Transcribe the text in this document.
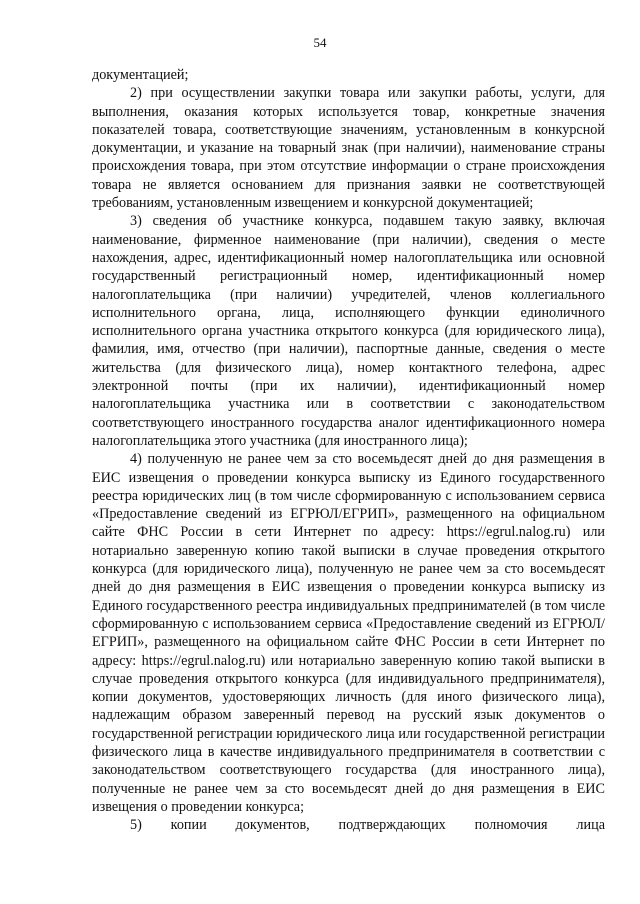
54

документацией;

2) при осуществлении закупки товара или закупки работы, услуги, для выполнения, оказания которых используется товар, конкретные значения показателей товара, соответствующие значениям, установленным в конкурсной документации, и указание на товарный знак (при наличии), наименование страны происхождения товара, при этом отсутствие информации о стране происхождения товара не является основанием для признания заявки не соответствующей требованиям, установленным извещением и конкурсной документацией;

3) сведения об участнике конкурса, подавшем такую заявку, включая наименование, фирменное наименование (при наличии), сведения о месте нахождения, адрес, идентификационный номер налогоплательщика или основной государственный регистрационный номер, идентификационный номер налогоплательщика (при наличии) учредителей, членов коллегиального исполнительного органа, лица, исполняющего функции единоличного исполнительного органа участника открытого конкурса (для юридического лица), фамилия, имя, отчество (при наличии), паспортные данные, сведения о месте жительства (для физического лица), номер контактного телефона, адрес электронной почты (при их наличии), идентификационный номер налогоплательщика участника или в соответствии с законодательством соответствующего иностранного государства аналог идентификационного номера налогоплательщика этого участника (для иностранного лица);

4) полученную не ранее чем за сто восемьдесят дней до дня размещения в ЕИС извещения о проведении конкурса выписку из Единого государственного реестра юридических лиц (в том числе сформированную с использованием сервиса «Предоставление сведений из ЕГРЮЛ/ЕГРИП», размещенного на официальном сайте ФНС России в сети Интернет по адресу: https://egrul.nalog.ru) или нотариально заверенную копию такой выписки в случае проведения открытого конкурса (для юридического лица), полученную не ранее чем за сто восемьдесят дней до дня размещения в ЕИС извещения о проведении конкурса выписку из Единого государственного реестра индивидуальных предпринимателей (в том числе сформированную с использованием сервиса «Предоставление сведений из ЕГРЮЛ/ЕГРИП», размещенного на официальном сайте ФНС России в сети Интернет по адресу: https://egrul.nalog.ru) или нотариально заверенную копию такой выписки в случае проведения открытого конкурса (для индивидуального предпринимателя), копии документов, удостоверяющих личность (для иного физического лица), надлежащим образом заверенный перевод на русский язык документов о государственной регистрации юридического лица или государственной регистрации физического лица в качестве индивидуального предпринимателя в соответствии с законодательством соответствующего государства (для иностранного лица), полученные не ранее чем за сто восемьдесят дней до дня размещения в ЕИС извещения о проведении конкурса;

5) копии документов, подтверждающих полномочия лица
